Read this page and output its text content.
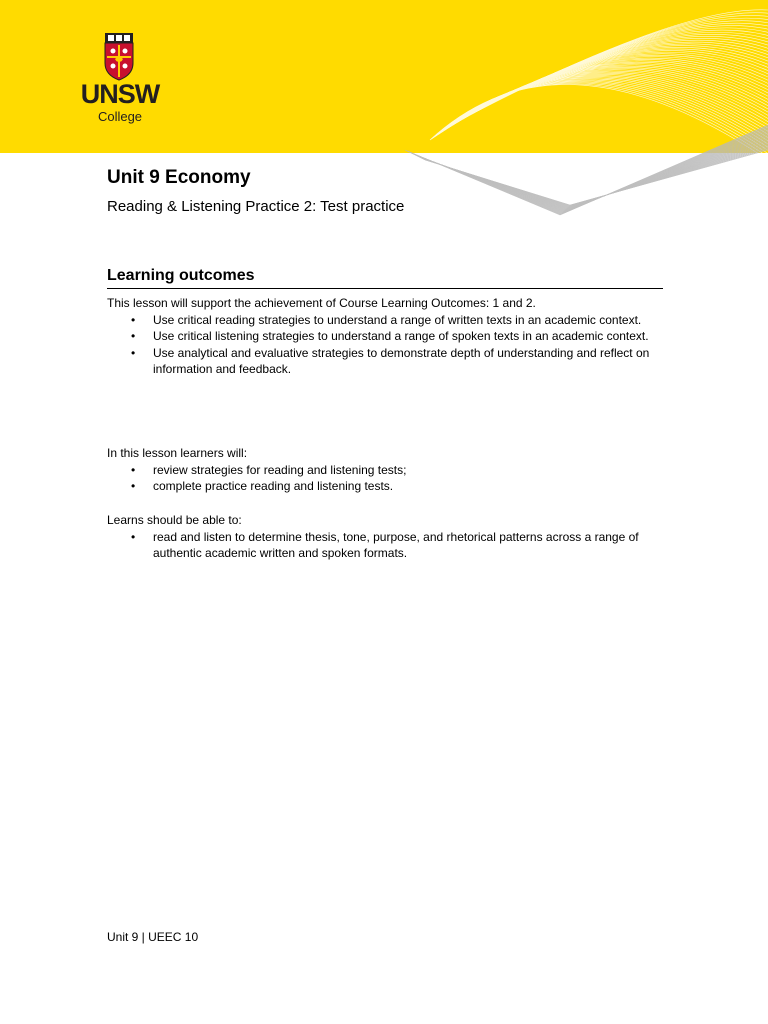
UNSW
College
Unit 9 Economy
Reading & Listening Practice 2: Test practice
Learning outcomes

This lesson will support the achievement of Course Learning Outcomes: 1 and 2.

• Use critical reading strategies to understand a range of written texts in an academic context.
• Use critical listening strategies to understand a range of spoken texts in an academic context.
• Use analytical and evaluative strategies to demonstrate depth of understanding and reflect on information and feedback.

In this lesson learners will:

• review strategies for reading and listening tests;
• complete practice reading and listening tests.

Learns should be able to:

• read and listen to determine thesis, tone, purpose, and rhetorical patterns across a range of authentic academic written and spoken formats.
Unit 9 | UEEC 10
